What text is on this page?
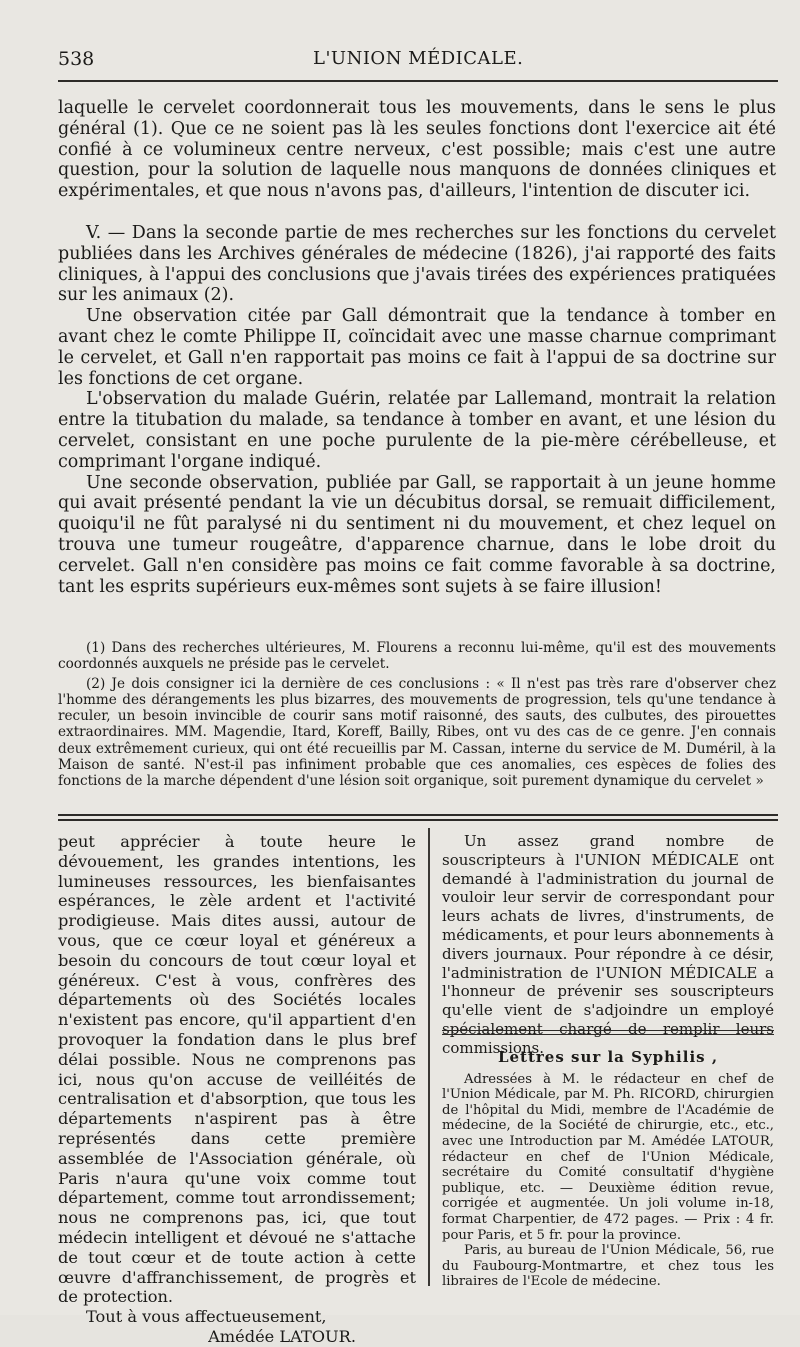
538	L'UNION MÉDICALE.

laquelle le cervelet coordonnerait tous les mouvements, dans le sens le plus général (1). Que ce ne soient pas là les seules fonctions dont l'exercice ait été confié à ce volumineux centre nerveux, c'est possible; mais c'est une autre question, pour la solution de laquelle nous manquons de données cliniques et expérimentales, et que nous n'avons pas, d'ailleurs, l'intention de discuter ici.

V. — Dans la seconde partie de mes recherches sur les fonctions du cervelet publiées dans les Archives générales de médecine (1826), j'ai rapporté des faits cliniques, à l'appui des conclusions que j'avais tirées des expériences pratiquées sur les animaux (2).

Une observation citée par Gall démontrait que la tendance à tomber en avant chez le comte Philippe II, coïncidait avec une masse charnue comprimant le cervelet, et Gall n'en rapportait pas moins ce fait à l'appui de sa doctrine sur les fonctions de cet organe.

L'observation du malade Guérin, relatée par Lallemand, montrait la relation entre la titubation du malade, sa tendance à tomber en avant, et une lésion du cervelet, consistant en une poche purulente de la pie-mère cérébelleuse, et comprimant l'organe indiqué.

Une seconde observation, publiée par Gall, se rapportait à un jeune homme qui avait présenté pendant la vie un décubitus dorsal, se remuait difficilement, quoiqu'il ne fût paralysé ni du sentiment ni du mouvement, et chez lequel on trouva une tumeur rougeâtre, d'apparence charnue, dans le lobe droit du cervelet. Gall n'en considère pas moins ce fait comme favorable à sa doctrine, tant les esprits supérieurs eux-mêmes sont sujets à se faire illusion!

(1) Dans des recherches ultérieures, M. Flourens a reconnu lui-même, qu'il est des mouvements coordonnés auxquels ne préside pas le cervelet.

(2) Je dois consigner ici la dernière de ces conclusions : « Il n'est pas très rare d'observer chez l'homme des dérangements les plus bizarres, des mouvements de progression, tels qu'une tendance à reculer, un besoin invincible de courir sans motif raisonné, des sauts, des culbutes, des pirouettes extraordinaires. MM. Magendie, Itard, Koreff, Bailly, Ribes, ont vu des cas de ce genre. J'en connais deux extrêmement curieux, qui ont été recueillis par M. Cassan, interne du service de M. Duméril, à la Maison de santé. N'est-il pas infiniment probable que ces anomalies, ces espèces de folies des fonctions de la marche dépendent d'une lésion soit organique, soit purement dynamique du cervelet »

peut apprécier à toute heure le dévouement, les grandes intentions, les lumineuses ressources, les bienfaisantes espérances, le zèle ardent et l'activité prodigieuse. Mais dites aussi, autour de vous, que ce cœur loyal et généreux a besoin du concours de tout cœur loyal et généreux. C'est à vous, confrères des départements où des Sociétés locales n'existent pas encore, qu'il appartient d'en provoquer la fondation dans le plus bref délai possible. Nous ne comprenons pas ici, nous qu'on accuse de veilléités de centralisation et d'absorption, que tous les départements n'aspirent pas à être représentés dans cette première assemblée de l'Association générale, où Paris n'aura qu'une voix comme tout département, comme tout arrondissement; nous ne comprenons pas, ici, que tout médecin intelligent et dévoué ne s'attache de tout cœur et de toute action à cette œuvre d'affranchissement, de progrès et de protection.

Tout à vous affectueusement,

Amédée LATOUR.

Un assez grand nombre de souscripteurs à l'UNION MÉDICALE ont demandé à l'administration du journal de vouloir leur servir de correspondant pour leurs achats de livres, d'instruments, de médicaments, et pour leurs abonnements à divers journaux. Pour répondre à ce désir, l'administration de l'UNION MÉDICALE a l'honneur de prévenir ses souscripteurs qu'elle vient de s'adjoindre un employé spécialement chargé de remplir leurs commissions.

Lettres sur la Syphilis ,

Adressées à M. le rédacteur en chef de l'Union Médicale, par M. Ph. RICORD, chirurgien de l'hôpital du Midi, membre de l'Académie de médecine, de la Société de chirurgie, etc., etc., avec une Introduction par M. Amédée LATOUR, rédacteur en chef de l'Union Médicale, secrétaire du Comité consultatif d'hygiène publique, etc. — Deuxième édition revue, corrigée et augmentée. Un joli volume in-18, format Charpentier, de 472 pages. — Prix : 4 fr. pour Paris, et 5 fr. pour la province.

Paris, au bureau de l'Union Médicale, 56, rue du Faubourg-Montmartre, et chez tous les libraires de l'Ecole de médecine.
